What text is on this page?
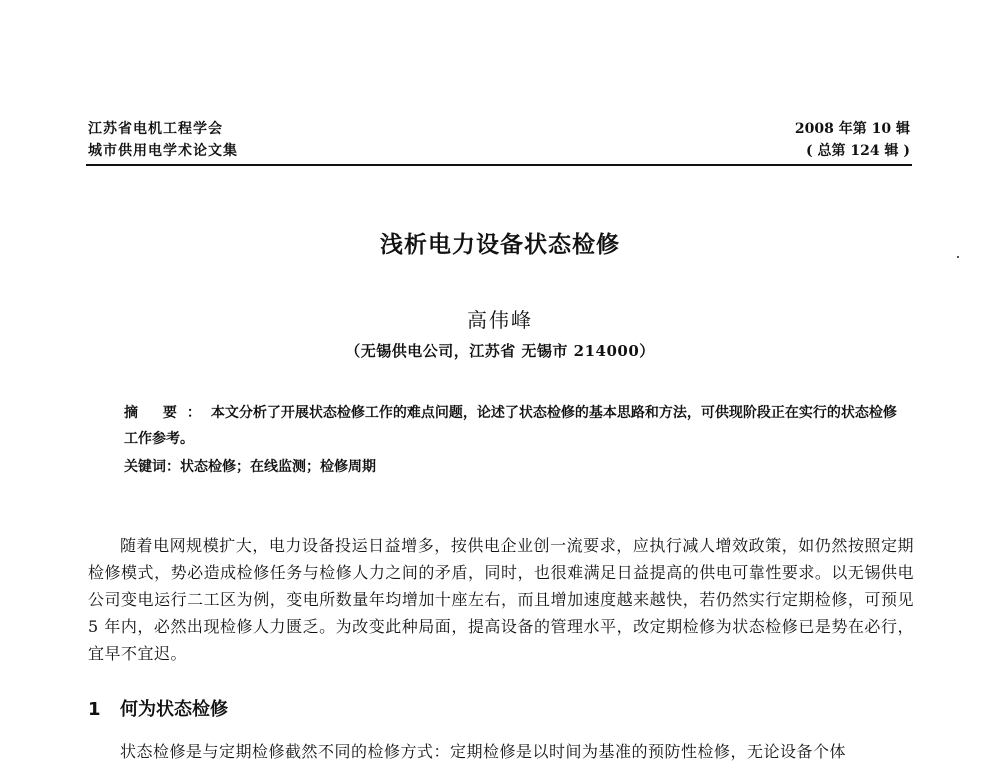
江苏省电机工程学会
城市供用电学术论文集
2008 年第 10 辑
( 总第 124 辑 )
浅析电力设备状态检修
高伟峰
（无锡供电公司，江苏省 无锡市 214000）
摘 要：本文分析了开展状态检修工作的难点问题，论述了状态检修的基本思路和方法，可供现阶段正在实行的状态检修工作参考。
关键词：状态检修；在线监测；检修周期
随着电网规模扩大，电力设备投运日益增多，按供电企业创一流要求，应执行减人增效政策，如仍然按照定期检修模式，势必造成检修任务与检修人力之间的矛盾，同时，也很难满足日益提高的供电可靠性要求。以无锡供电公司变电运行二工区为例，变电所数量年均增加十座左右，而且增加速度越来越快，若仍然实行定期检修，可预见 5 年内，必然出现检修人力匮乏。为改变此种局面，提高设备的管理水平，改定期检修为状态检修已是势在必行，宜早不宜迟。
1 何为状态检修
状态检修是与定期检修截然不同的检修方式：定期检修是以时间为基准的预防性检修，无论设备个体
